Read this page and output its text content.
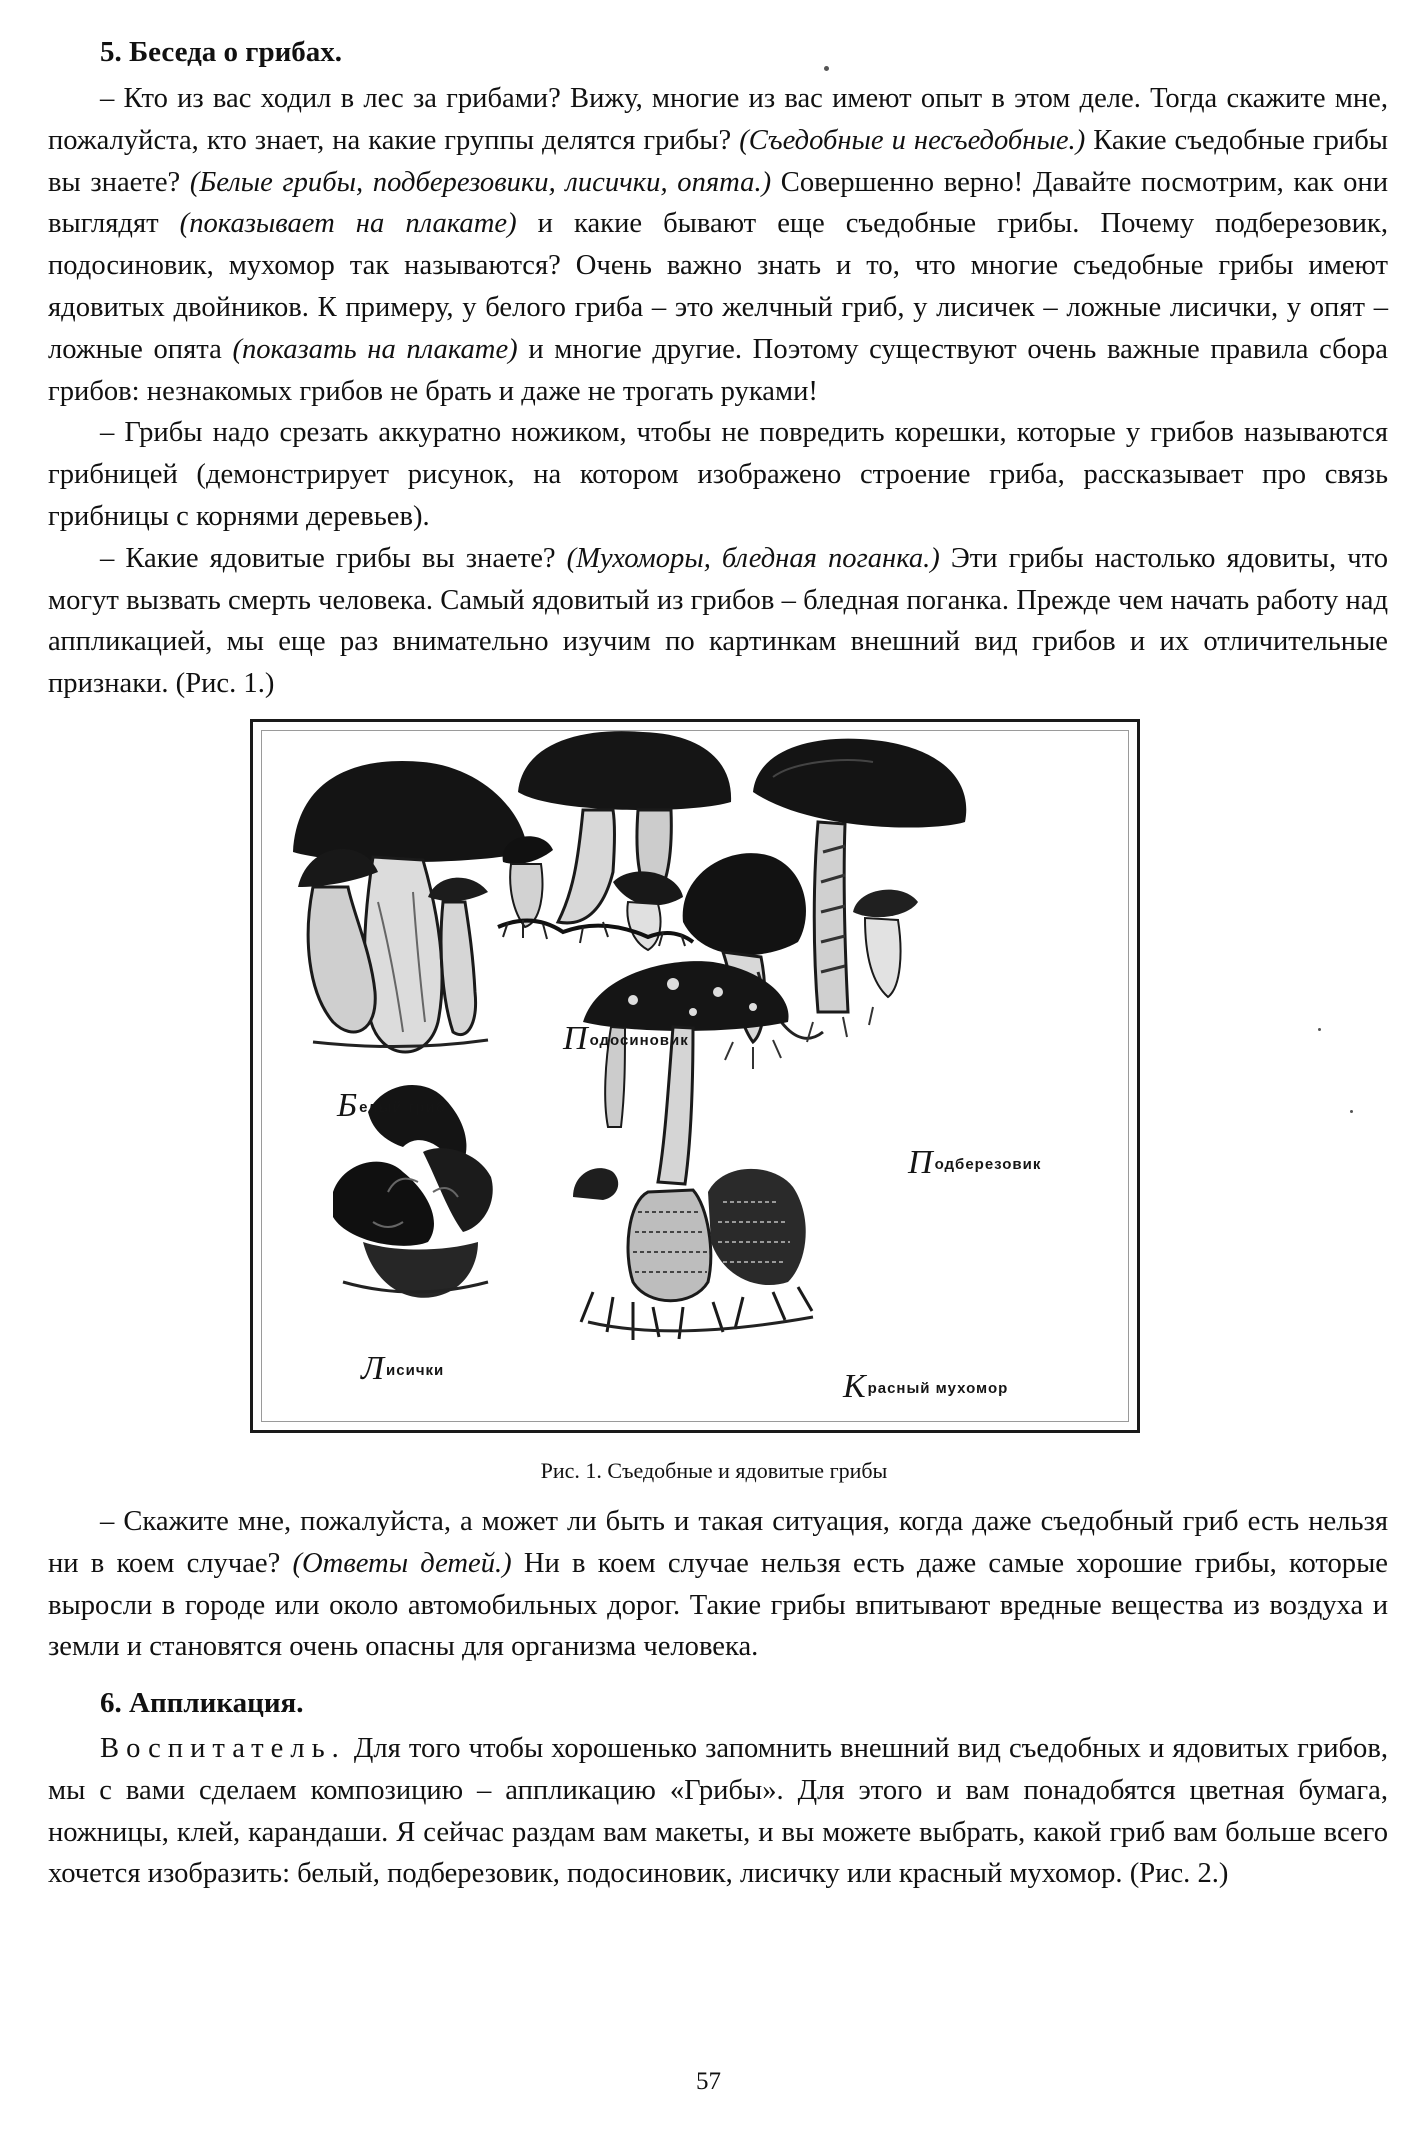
5. Беседа о грибах.

– Кто из вас ходил в лес за грибами? Вижу, многие из вас имеют опыт в этом деле. Тогда скажите мне, пожалуйста, кто знает, на какие группы делятся грибы? (Съедобные и несъедобные.) Какие съедобные грибы вы знаете? (Белые грибы, подберезовики, лисички, опята.) Совершенно верно! Давайте посмотрим, как они выглядят (показывает на плакате) и какие бывают еще съедобные грибы. Почему подберезовик, подосиновик, мухомор так называются? Очень важно знать и то, что многие съедобные грибы имеют ядовитых двойников. К примеру, у белого гриба – это желчный гриб, у лисичек – ложные лисички, у опят – ложные опята (показать на плакате) и многие другие. Поэтому существуют очень важные правила сбора грибов: незнакомых грибов не брать и даже не трогать руками!

– Грибы надо срезать аккуратно ножиком, чтобы не повредить корешки, которые у грибов называются грибницей (демонстрирует рисунок, на котором изображено строение гриба, рассказывает про связь грибницы с корнями деревьев).

– Какие ядовитые грибы вы знаете? (Мухоморы, бледная поганка.) Эти грибы настолько ядовиты, что могут вызвать смерть человека. Самый ядовитый из грибов – бледная поганка. Прежде чем начать работу над аппликацией, мы еще раз внимательно изучим по картинкам внешний вид грибов и их отличительные признаки. (Рис. 1.)

Белый гриб
Подосиновик
Подберезовик
Лисички	Красный мухомор
Рис. 1. Съедобные и ядовитые грибы

– Скажите мне, пожалуйста, а может ли быть и такая ситуация, когда даже съедобный гриб есть нельзя ни в коем случае? (Ответы детей.) Ни в коем случае нельзя есть даже самые хорошие грибы, которые выросли в городе или около автомобильных дорог. Такие грибы впитывают вредные вещества из воздуха и земли и становятся очень опасны для организма человека.

6. Аппликация.

Воспитатель. Для того чтобы хорошенько запомнить внешний вид съедобных и ядовитых грибов, мы с вами сделаем композицию – аппликацию «Грибы». Для этого и вам понадобятся цветная бумага, ножницы, клей, карандаши. Я сейчас раздам вам макеты, и вы можете выбрать, какой гриб вам больше всего хочется изобразить: белый, подберезовик, подосиновик, лисичку или красный мухомор. (Рис. 2.)

57
